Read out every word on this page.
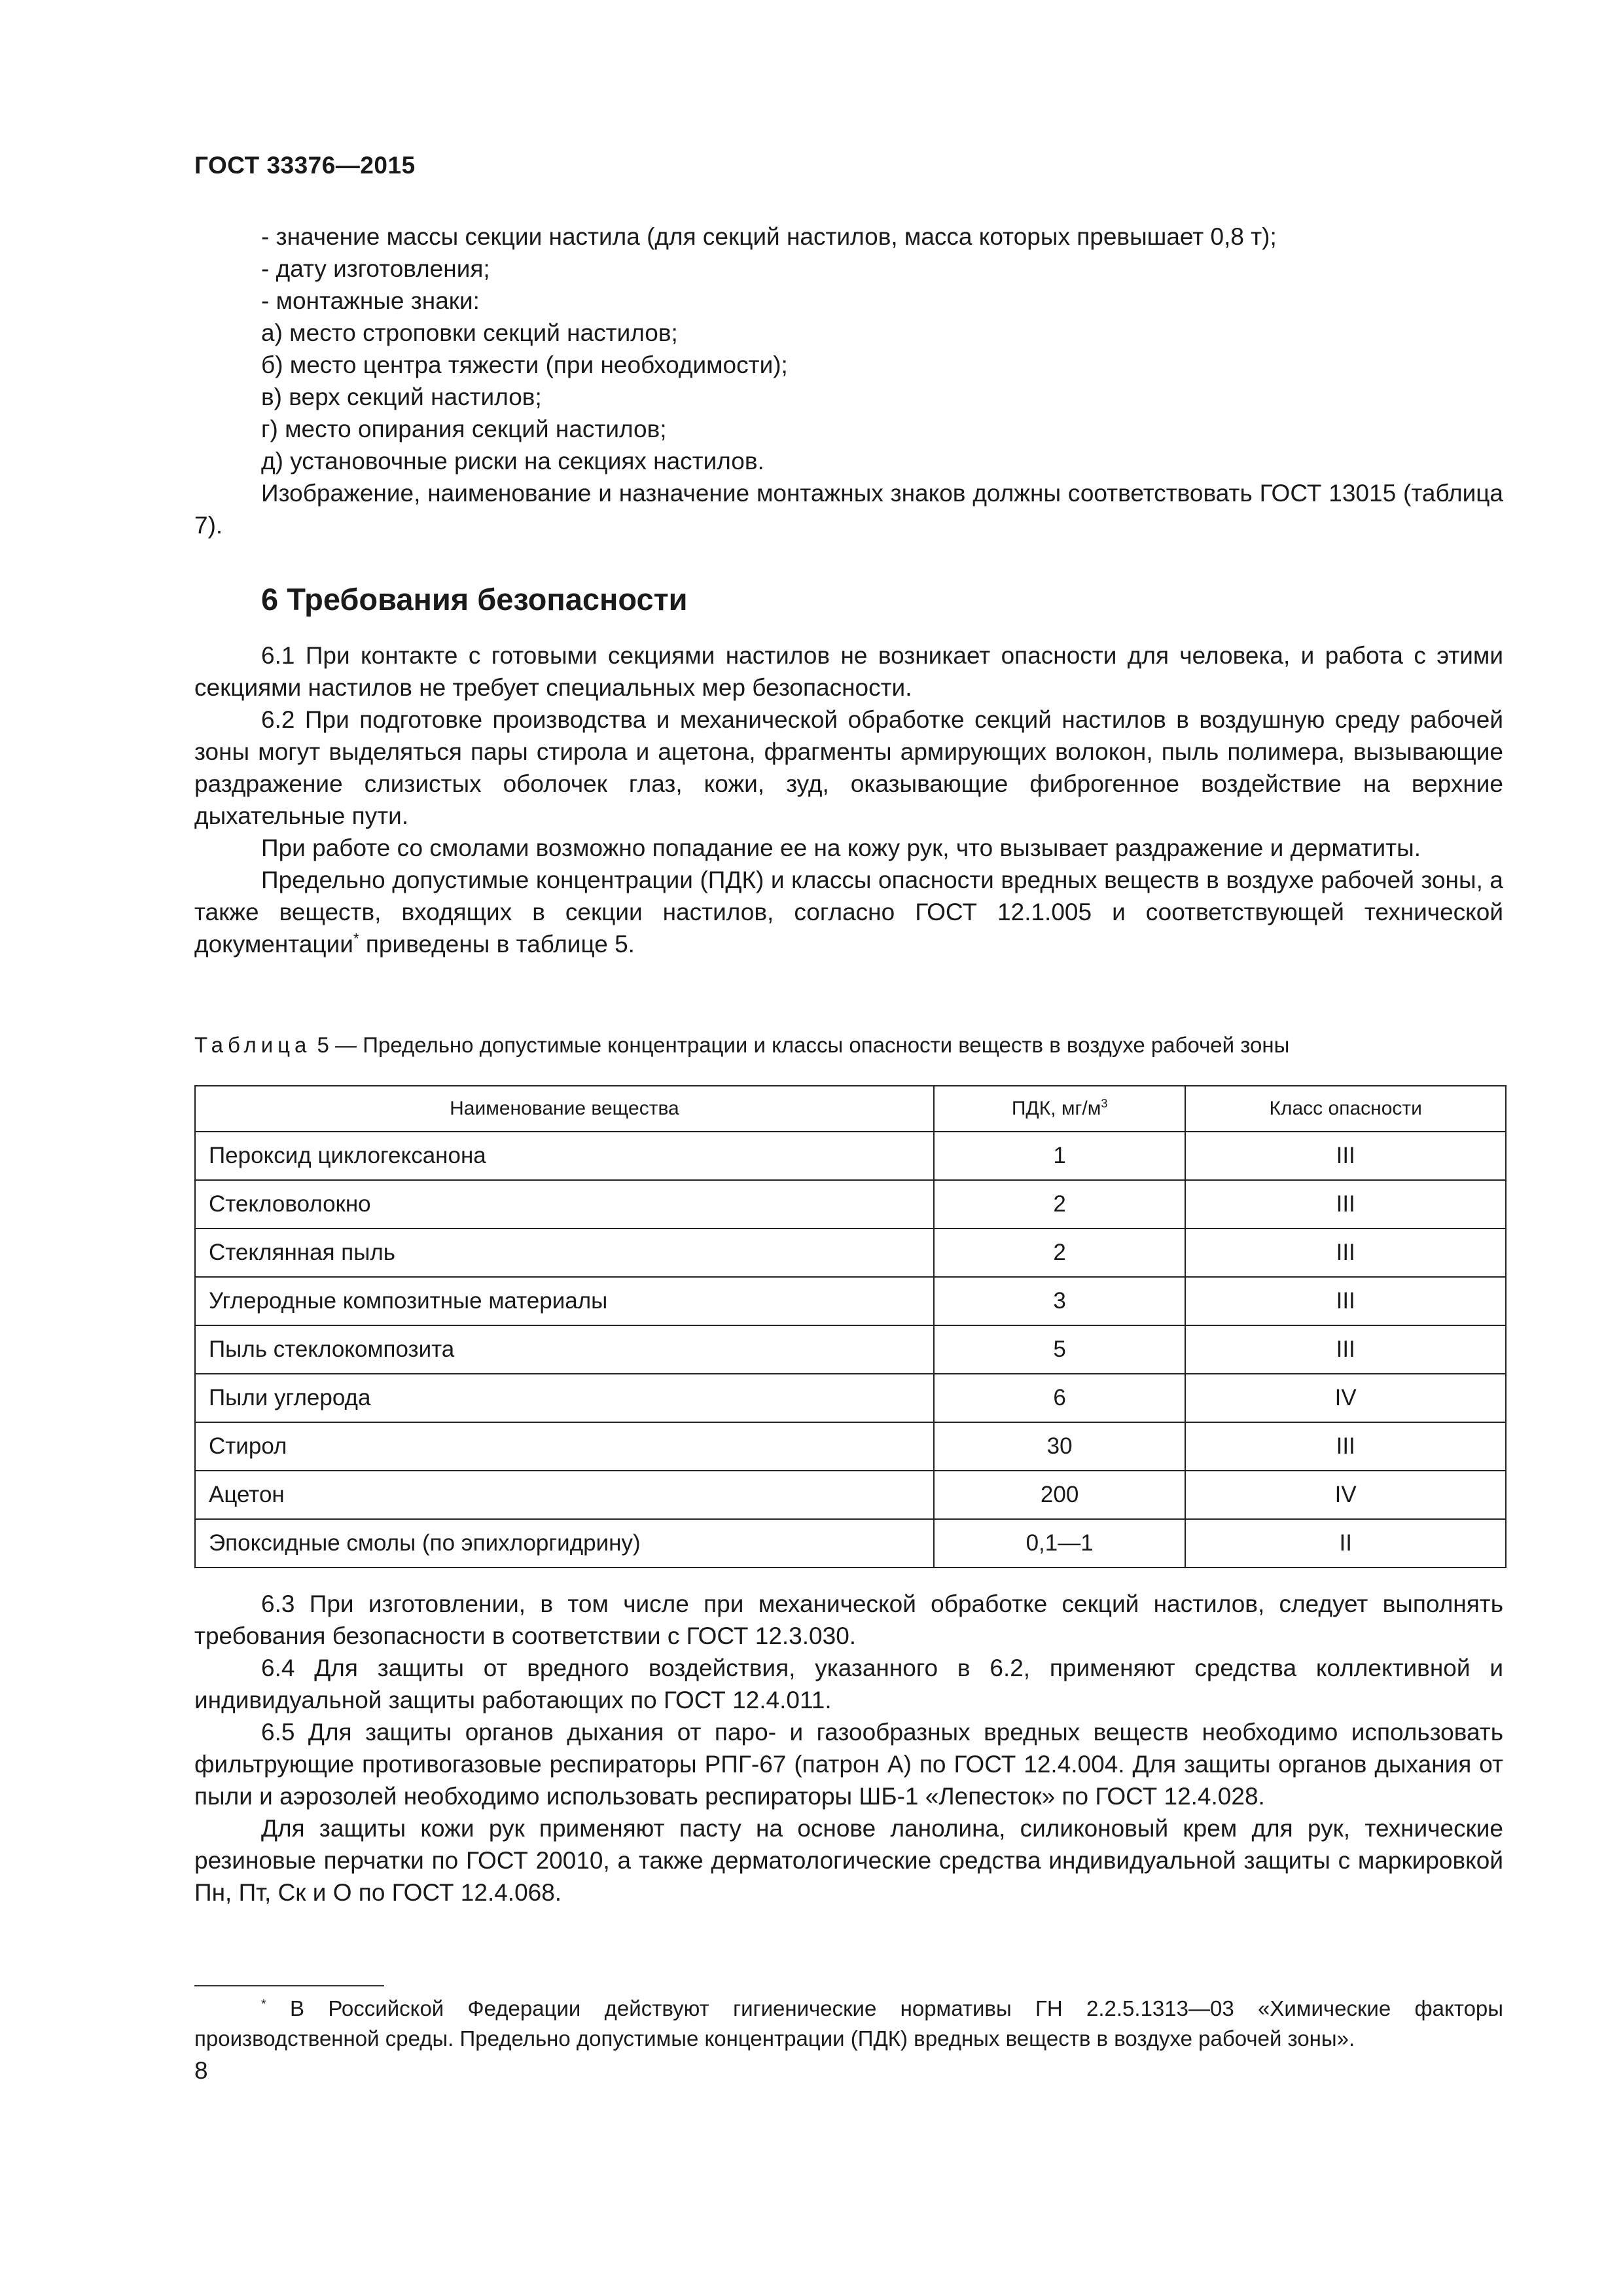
ГОСТ 33376—2015

- значение массы секции настила (для секций настилов, масса которых превышает 0,8 т);

- дату изготовления;

- монтажные знаки:

а) место строповки секций настилов;

б) место центра тяжести (при необходимости);

в) верх секций настилов;

г) место опирания секций настилов;

д) установочные риски на секциях настилов.

Изображение, наименование и назначение монтажных знаков должны соответствовать ГОСТ 13015 (таблица 7).

6 Требования безопасности

6.1 При контакте с готовыми секциями настилов не возникает опасности для человека, и работа с этими секциями настилов не требует специальных мер безопасности.

6.2 При подготовке производства и механической обработке секций настилов в воздушную среду рабочей зоны могут выделяться пары стирола и ацетона, фрагменты армирующих волокон, пыль полимера, вызывающие раздражение слизистых оболочек глаз, кожи, зуд, оказывающие фиброгенное воздействие на верхние дыхательные пути.

При работе со смолами возможно попадание ее на кожу рук, что вызывает раздражение и дерматиты.

Предельно допустимые концентрации (ПДК) и классы опасности вредных веществ в воздухе рабочей зоны, а также веществ, входящих в секции настилов, согласно ГОСТ 12.1.005 и соответствующей технической документации* приведены в таблице 5.

Таблица 5 — Предельно допустимые концентрации и классы опасности веществ в воздухе рабочей зоны
Наименование вещества	ПДК, $мг/м^3$	Класс опасности
Пероксид циклогексанона	1	III
Стекловолокно	2	III
Стеклянная пыль	2	III
Углеродные композитные материалы	3	III
Пыль стеклокомпозита	5	III
Пыли углерода	6	IV
Стирол	30	III
Ацетон	200	IV
Эпоксидные смолы (по эпихлоргидрину)	0,1—1	II

6.3 При изготовлении, в том числе при механической обработке секций настилов, следует выполнять требования безопасности в соответствии с ГОСТ 12.3.030.

6.4 Для защиты от вредного воздействия, указанного в 6.2, применяют средства коллективной и индивидуальной защиты работающих по ГОСТ 12.4.011.

6.5 Для защиты органов дыхания от паро- и газообразных вредных веществ необходимо использовать фильтрующие противогазовые респираторы РПГ-67 (патрон А) по ГОСТ 12.4.004. Для защиты органов дыхания от пыли и аэрозолей необходимо использовать респираторы ШБ-1 «Лепесток» по ГОСТ 12.4.028.

Для защиты кожи рук применяют пасту на основе ланолина, силиконовый крем для рук, технические резиновые перчатки по ГОСТ 20010, а также дерматологические средства индивидуальной защиты с маркировкой Пн, Пт, Ск и О по ГОСТ 12.4.068.

* В Российской Федерации действуют гигиенические нормативы ГН 2.2.5.1313—03 «Химические факторы производственной среды. Предельно допустимые концентрации (ПДК) вредных веществ в воздухе рабочей зоны».

8
